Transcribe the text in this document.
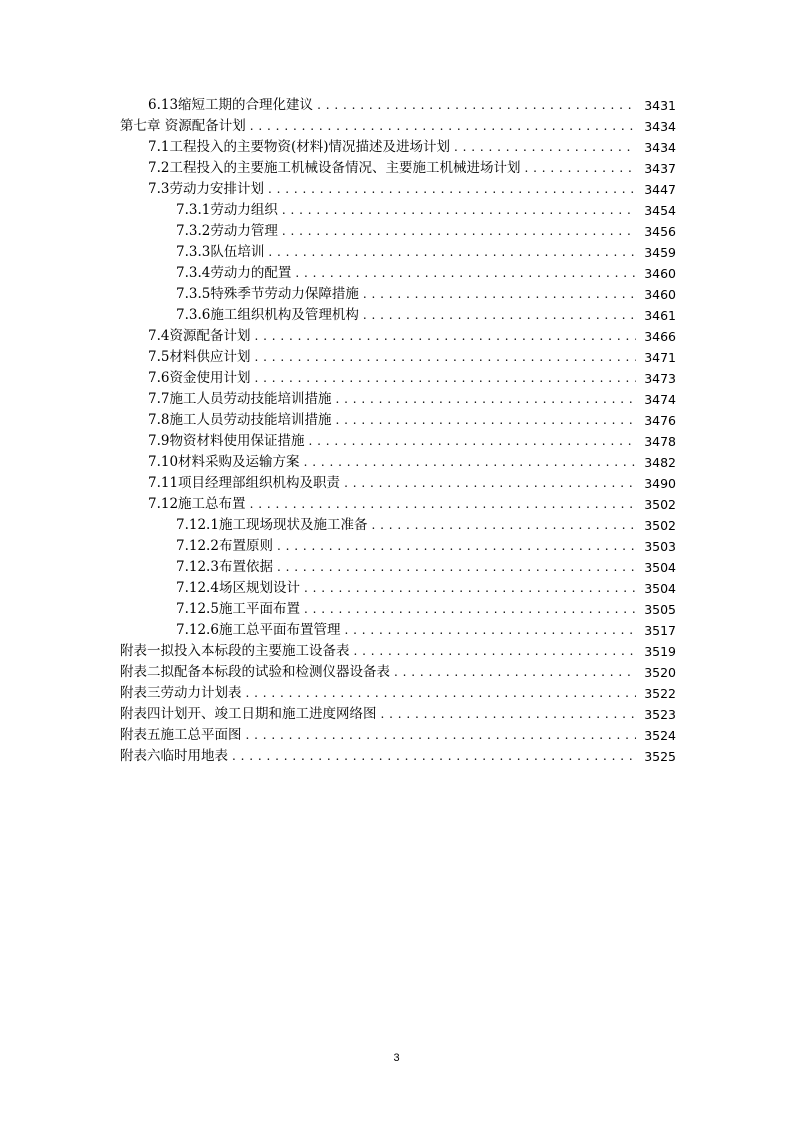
6.13缩短工期的合理化建议 . . .	3431
第七章 资源配备计划 . . .	3434
7.1工程投入的主要物资(材料)情况描述及进场计划 . . .	3434
7.2工程投入的主要施工机械设备情况、主要施工机械进场计划 . . .	3437
7.3劳动力安排计划 . . .	3447
7.3.1劳动力组织 . . .	3454
7.3.2劳动力管理 . . .	3456
7.3.3队伍培训 . . .	3459
7.3.4劳动力的配置 . . .	3460
7.3.5特殊季节劳动力保障措施 . . .	3460
7.3.6施工组织机构及管理机构 . . .	3461
7.4资源配备计划 . . .	3466
7.5材料供应计划 . . .	3471
7.6资金使用计划 . . .	3473
7.7施工人员劳动技能培训措施 . . .	3474
7.8施工人员劳动技能培训措施 . . .	3476
7.9物资材料使用保证措施 . . .	3478
7.10材料采购及运输方案 . . .	3482
7.11项目经理部组织机构及职责 . . .	3490
7.12施工总布置 . . .	3502
7.12.1施工现场现状及施工准备 . . .	3502
7.12.2布置原则 . . .	3503
7.12.3布置依据 . . .	3504
7.12.4场区规划设计 . . .	3504
7.12.5施工平面布置 . . .	3505
7.12.6施工总平面布置管理 . . .	3517
附表一拟投入本标段的主要施工设备表 . . .	3519
附表二拟配备本标段的试验和检测仪器设备表 . . .	3520
附表三劳动力计划表 . . .	3522
附表四计划开、竣工日期和施工进度网络图 . . .	3523
附表五施工总平面图 . . .	3524
附表六临时用地表 . . .	3525
3
